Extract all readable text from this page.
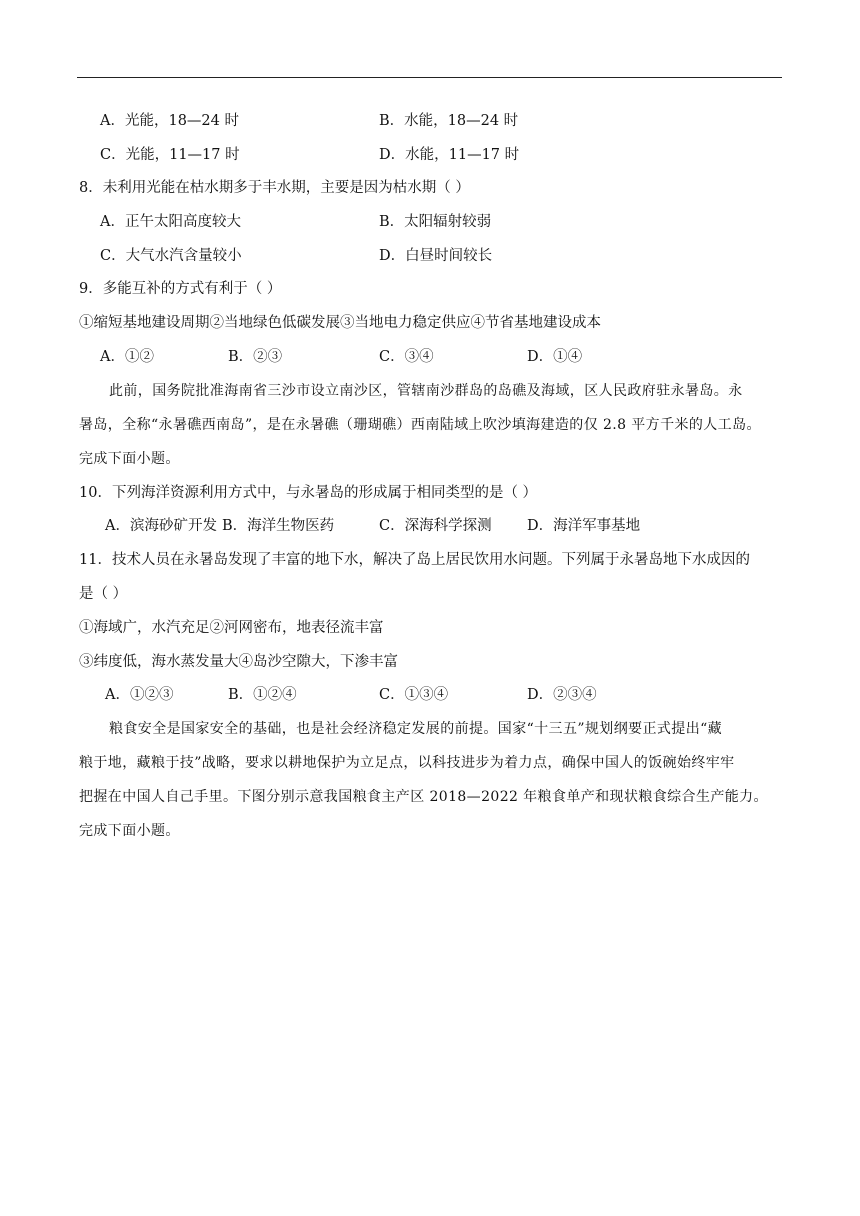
A．光能，18—24 时	B．水能，18—24 时
C．光能，11—17 时	D．水能，11—17 时
8．未利用光能在枯水期多于丰水期，主要是因为枯水期（ ）
A．正午太阳高度较大	B．太阳辐射较弱
C．大气水汽含量较小	D．白昼时间较长
9．多能互补的方式有利于（ ）
①缩短基地建设周期②当地绿色低碳发展③当地电力稳定供应④节省基地建设成本
A．①②	B．②③	C．③④	D．①④
此前，国务院批准海南省三沙市设立南沙区，管辖南沙群岛的岛礁及海域，区人民政府驻永暑岛。永
暑岛，全称“永暑礁西南岛”，是在永暑礁（珊瑚礁）西南陆域上吹沙填海建造的仅 2.8 平方千米的人工岛。
完成下面小题。
10．下列海洋资源利用方式中，与永暑岛的形成属于相同类型的是（ ）
A．滨海砂矿开发 B．海洋生物医药	C．深海科学探测 D．海洋军事基地
11．技术人员在永暑岛发现了丰富的地下水，解决了岛上居民饮用水问题。下列属于永暑岛地下水成因的
是（ ）
①海域广，水汽充足②河网密布，地表径流丰富
③纬度低，海水蒸发量大④岛沙空隙大，下渗丰富
A．①②③	B．①②④	C．①③④	D．②③④
粮食安全是国家安全的基础，也是社会经济稳定发展的前提。国家“十三五”规划纲要正式提出“藏
粮于地，藏粮于技”战略，要求以耕地保护为立足点，以科技进步为着力点，确保中国人的饭碗始终牢牢
把握在中国人自己手里。下图分别示意我国粮食主产区 2018—2022 年粮食单产和现状粮食综合生产能力。
完成下面小题。
